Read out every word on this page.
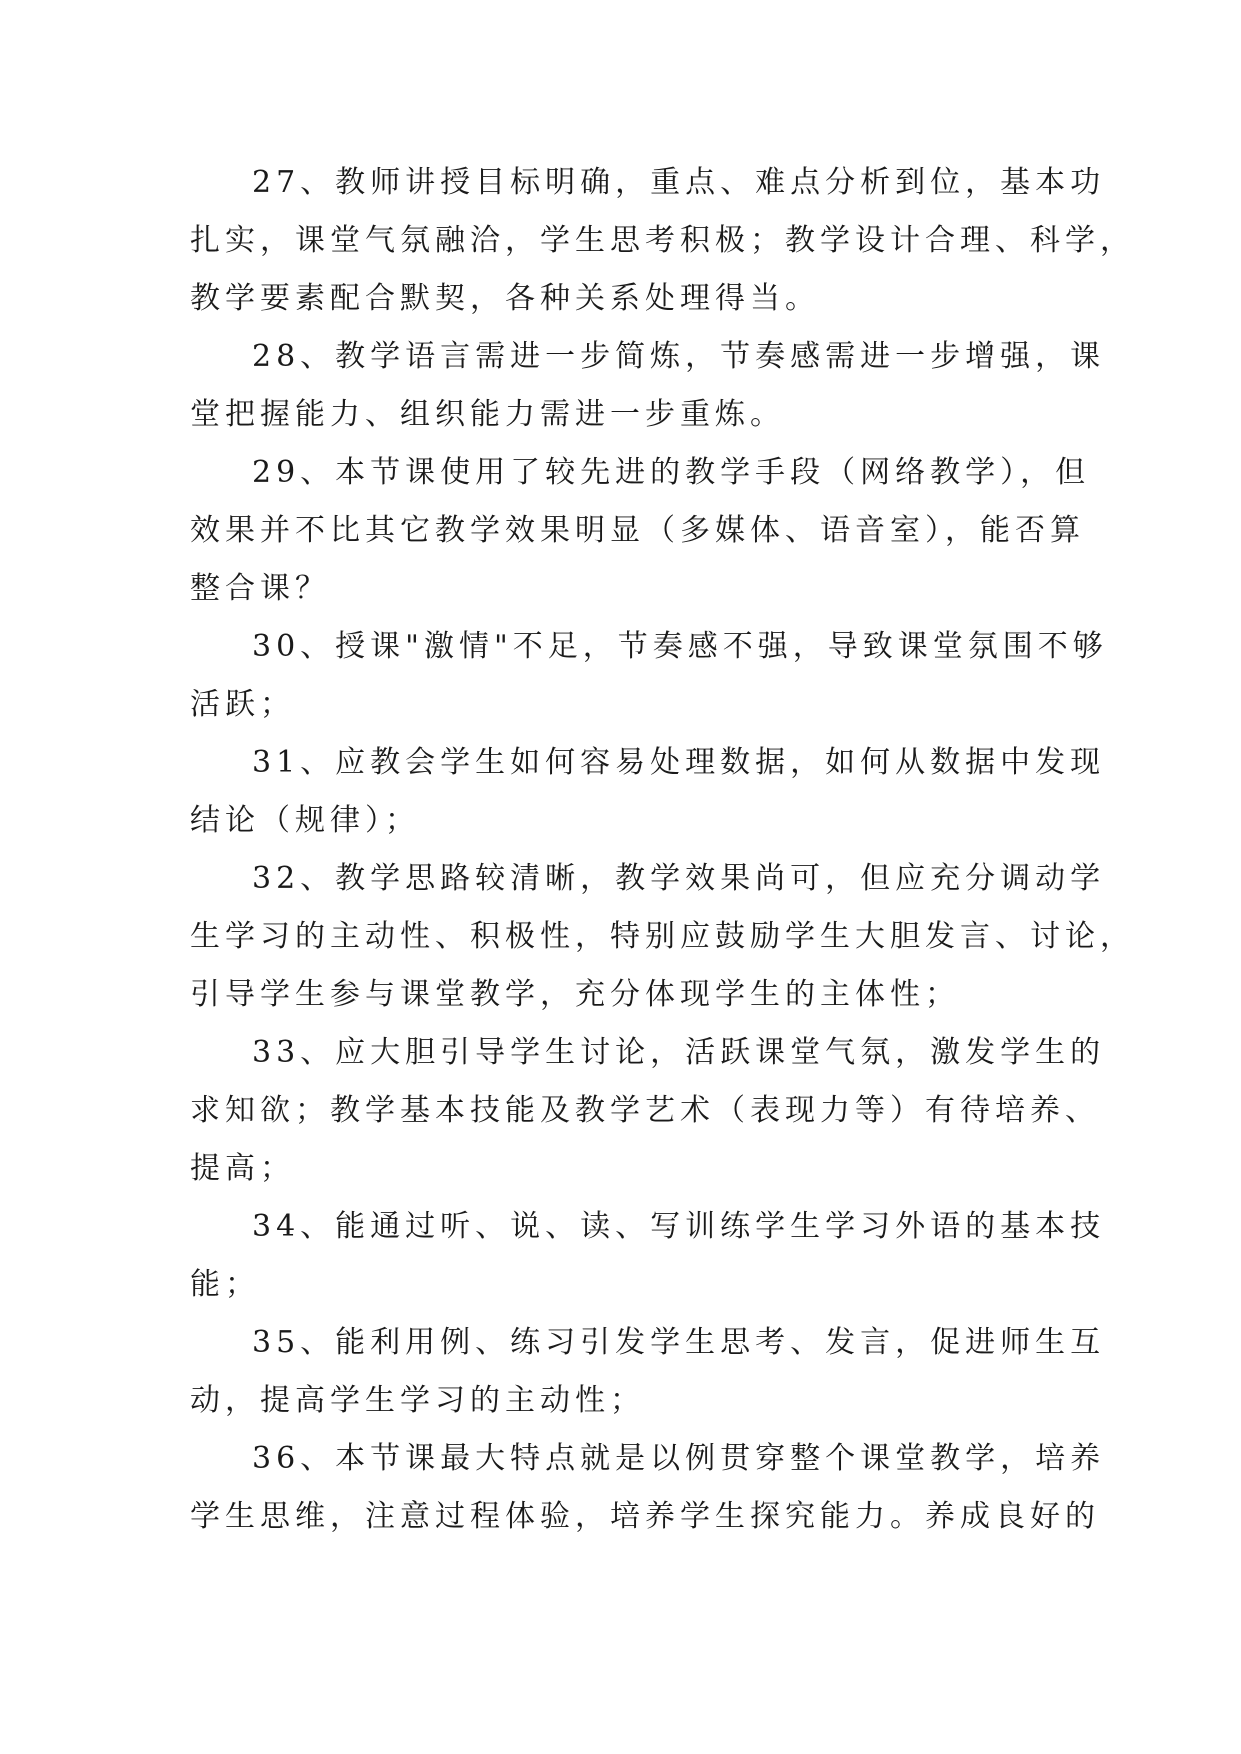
27、教师讲授目标明确，重点、难点分析到位，基本功
扎实，课堂气氛融洽，学生思考积极；教学设计合理、科学，
教学要素配合默契，各种关系处理得当。

28、教学语言需进一步简炼，节奏感需进一步增强，课
堂把握能力、组织能力需进一步重炼。

29、本节课使用了较先进的教学手段（网络教学），但
效果并不比其它教学效果明显（多媒体、语音室），能否算
整合课？

30、授课"激情"不足，节奏感不强，导致课堂氛围不够
活跃；

31、应教会学生如何容易处理数据，如何从数据中发现
结论（规律）；

32、教学思路较清晰，教学效果尚可，但应充分调动学
生学习的主动性、积极性，特别应鼓励学生大胆发言、讨论，
引导学生参与课堂教学，充分体现学生的主体性；

33、应大胆引导学生讨论，活跃课堂气氛，激发学生的
求知欲；教学基本技能及教学艺术（表现力等）有待培养、
提高；

34、能通过听、说、读、写训练学生学习外语的基本技
能；

35、能利用例、练习引发学生思考、发言，促进师生互
动，提高学生学习的主动性；

36、本节课最大特点就是以例贯穿整个课堂教学，培养
学生思维，注意过程体验，培养学生探究能力。养成良好的
